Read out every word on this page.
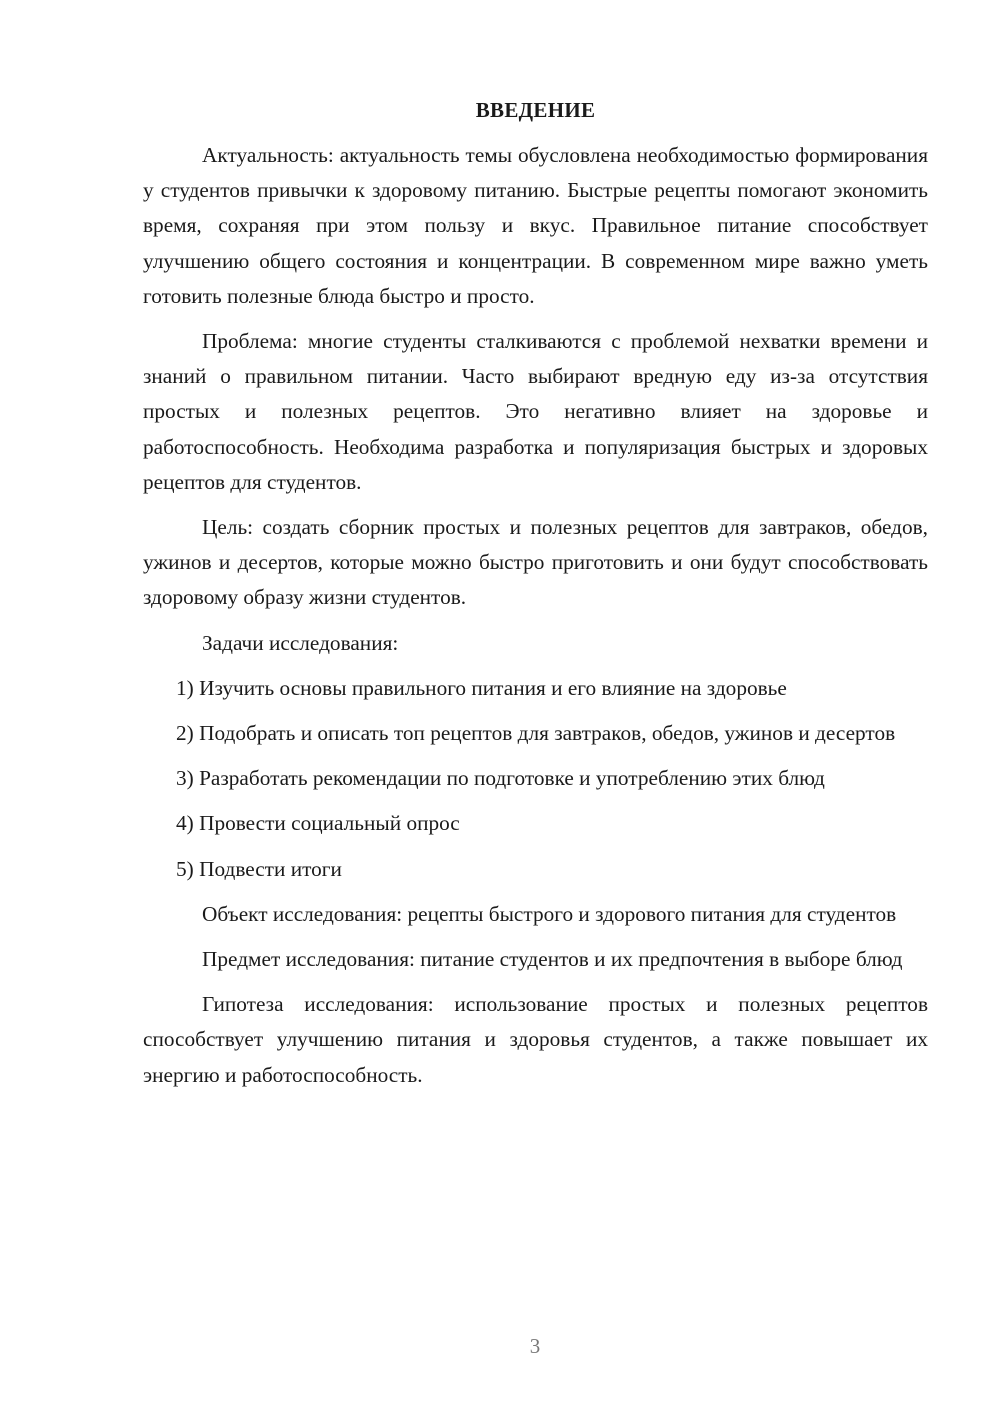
ВВЕДЕНИЕ

Актуальность: актуальность темы обусловлена необходимостью формирования у студентов привычки к здоровому питанию. Быстрые рецепты помогают экономить время, сохраняя при этом пользу и вкус. Правильное питание способствует улучшению общего состояния и концентрации. В современном мире важно уметь готовить полезные блюда быстро и просто.

Проблема: многие студенты сталкиваются с проблемой нехватки времени и знаний о правильном питании. Часто выбирают вредную еду из-за отсутствия простых и полезных рецептов. Это негативно влияет на здоровье и работоспособность. Необходима разработка и популяризация быстрых и здоровых рецептов для студентов.

Цель: создать сборник простых и полезных рецептов для завтраков, обедов, ужинов и десертов, которые можно быстро приготовить и они будут способствовать здоровому образу жизни студентов.

Задачи исследования:

1) Изучить основы правильного питания и его влияние на здоровье

2) Подобрать и описать топ рецептов для завтраков, обедов, ужинов и десертов

3) Разработать рекомендации по подготовке и употреблению этих блюд

4) Провести социальный опрос

5) Подвести итоги

Объект исследования: рецепты быстрого и здорового питания для студентов

Предмет исследования: питание студентов и их предпочтения в выборе блюд

Гипотеза исследования: использование простых и полезных рецептов способствует улучшению питания и здоровья студентов, а также повышает их энергию и работоспособность.

3
